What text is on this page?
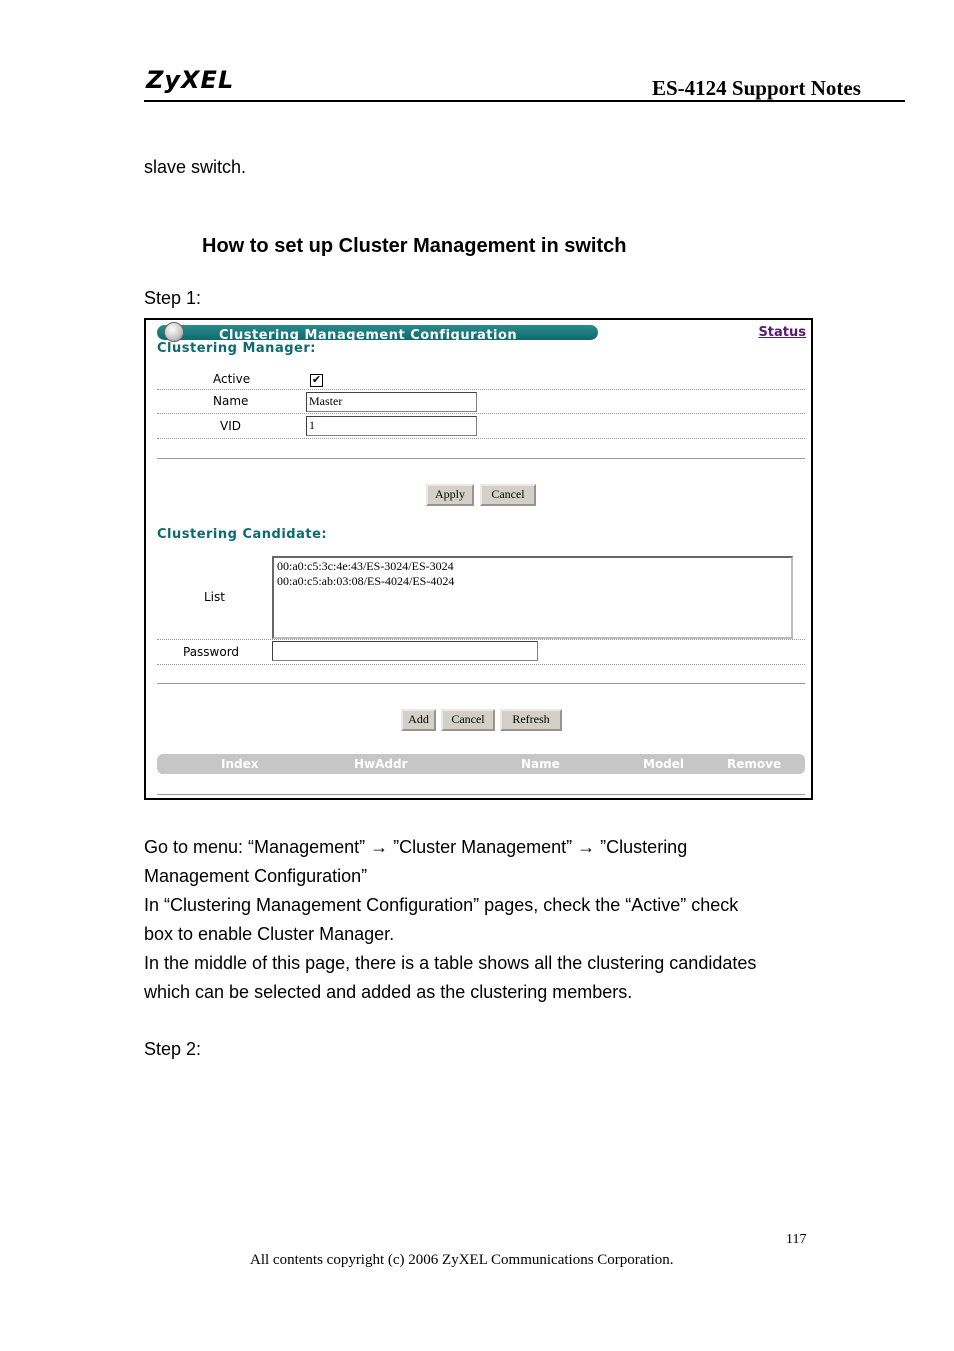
ZyXEL	ES-4124 Support Notes
slave switch.
How to set up Cluster Management in switch
Step 1:
Clustering Management Configuration	Status
Clustering Manager:
Active	✔
Name	Master
VID	1
Apply	Cancel
Clustering Candidate:
List
00:a0:c5:3c:4e:43/ES-3024/ES-3024
00:a0:c5:ab:03:08/ES-4024/ES-4024
Password
Add	Cancel	Refresh
Index	HwAddr	Name	Model	Remove
Go to menu: “Management” → ”Cluster Management” → ”Clustering
Management Configuration”
In “Clustering Management Configuration” pages, check the “Active” check
box to enable Cluster Manager.
In the middle of this page, there is a table shows all the clustering candidates
which can be selected and added as the clustering members.
Step 2:
117
All contents copyright (c) 2006 ZyXEL Communications Corporation.
